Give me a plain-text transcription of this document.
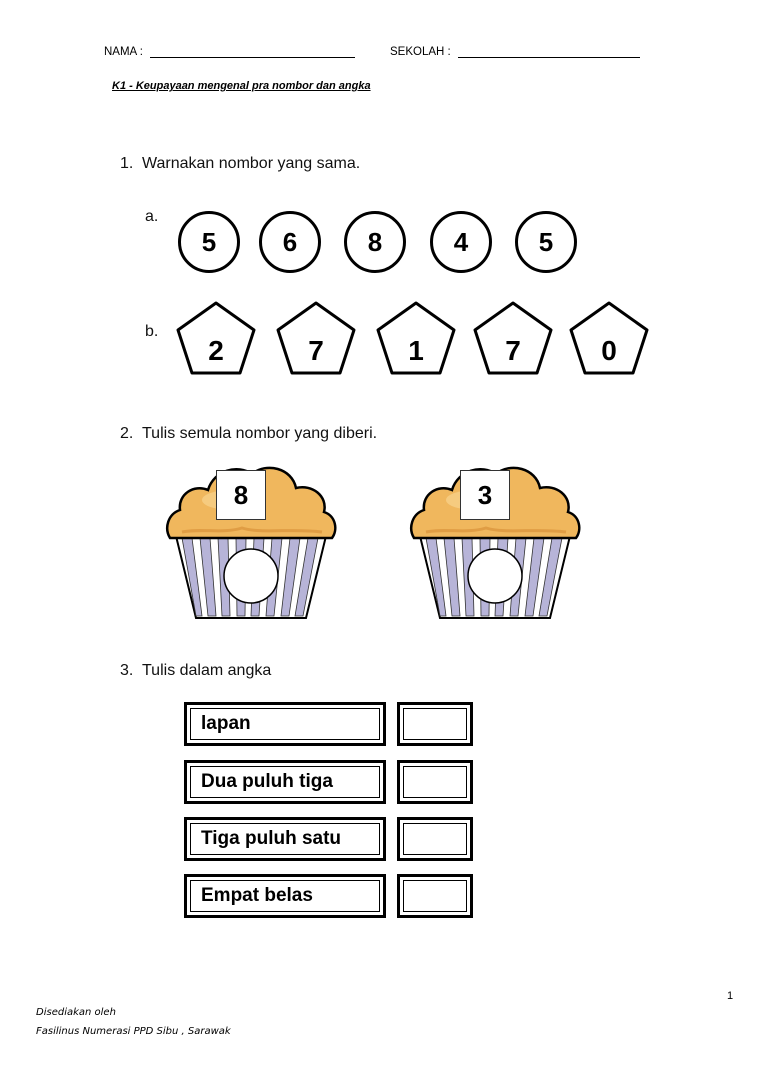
NAMA :	SEKOLAH :
K1 - Keupayaan mengenal pra nombor dan angka
1. Warnakan nombor yang sama.
a.
5	6	8	4	5
b.
2	7	1	7	0
2. Tulis semula nombor yang diberi.
8	3
3. Tulis dalam angka
lapan
Dua puluh tiga
Tiga puluh satu
Empat belas
1
Disediakan oleh
Fasilinus Numerasi PPD Sibu , Sarawak
